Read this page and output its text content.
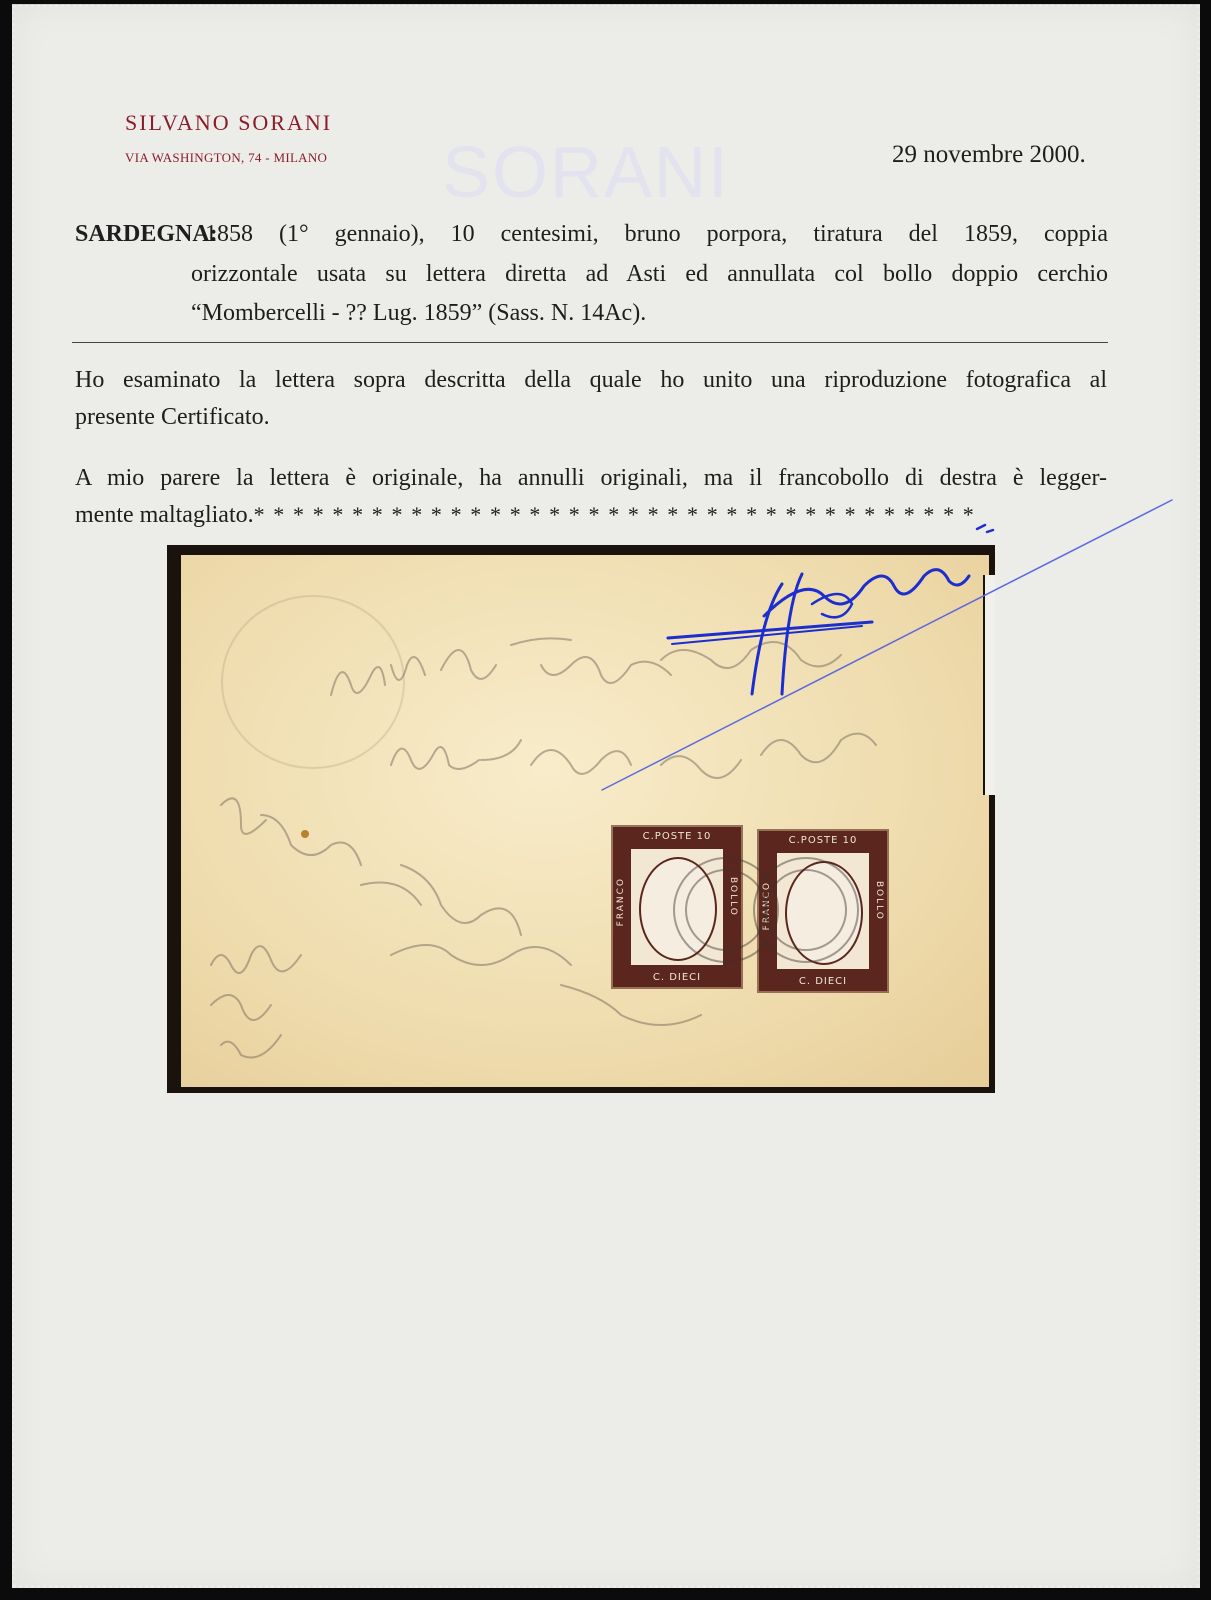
SORANI
SILVANO SORANI
VIA WASHINGTON, 74 - MILANO	29 novembre 2000.
SARDEGNA:
1858 (1° gennaio), 10 centesimi, bruno porpora, tiratura del 1859, coppia
orizzontale usata su lettera diretta ad Asti ed annullata col bollo doppio cerchio
“Mombercelli - ?? Lug. 1859” (Sass. N. 14Ac).
Ho esaminato la lettera sopra descritta della quale ho unito una riproduzione fotografica al
presente Certificato.
A mio parere la lettera è originale, ha annulli originali, ma il francobollo di destra è legger-
mente maltagliato.* * * * * * * * * * * * * * * * * * * * * * * * * * * * * * * * * * * * *
C.POSTE 10
C. DIECI
FRANCO	BOLLO
C.POSTE 10
C. DIECI
FRANCO	BOLLO
